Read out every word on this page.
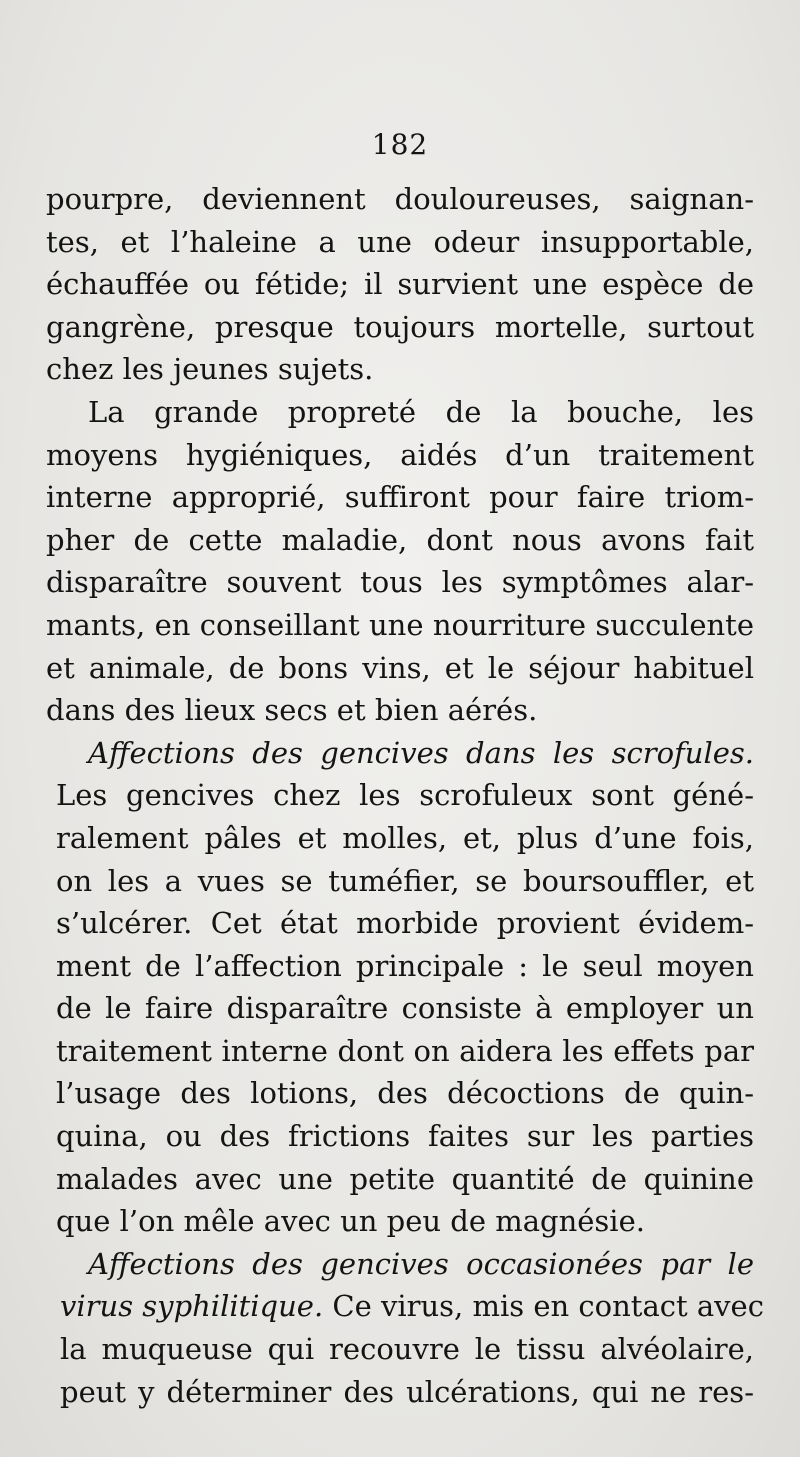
182
pourpre, deviennent douloureuses, saignan-
tes, et l’haleine a une odeur insupportable,
échauffée ou fétide; il survient une espèce de
gangrène, presque toujours mortelle, surtout
chez les jeunes sujets.
La grande propreté de la bouche, les
moyens hygiéniques, aidés d’un traitement
interne approprié, suffiront pour faire triom-
pher de cette maladie, dont nous avons fait
disparaître souvent tous les symptômes alar-
mants, en conseillant une nourriture succulente
et animale, de bons vins, et le séjour habituel
dans des lieux secs et bien aérés.
Affections des gencives dans les scrofules.
Les gencives chez les scrofuleux sont géné-
ralement pâles et molles, et, plus d’une fois,
on les a vues se tuméfier, se boursouffler, et
s’ulcérer. Cet état morbide provient évidem-
ment de l’affection principale : le seul moyen
de le faire disparaître consiste à employer un
traitement interne dont on aidera les effets par
l’usage des lotions, des décoctions de quin-
quina, ou des frictions faites sur les parties
malades avec une petite quantité de quinine
que l’on mêle avec un peu de magnésie.
Affections des gencives occasionées par le
virus syphilitique. Ce virus, mis en contact avec
la muqueuse qui recouvre le tissu alvéolaire,
peut y déterminer des ulcérations, qui ne res-
